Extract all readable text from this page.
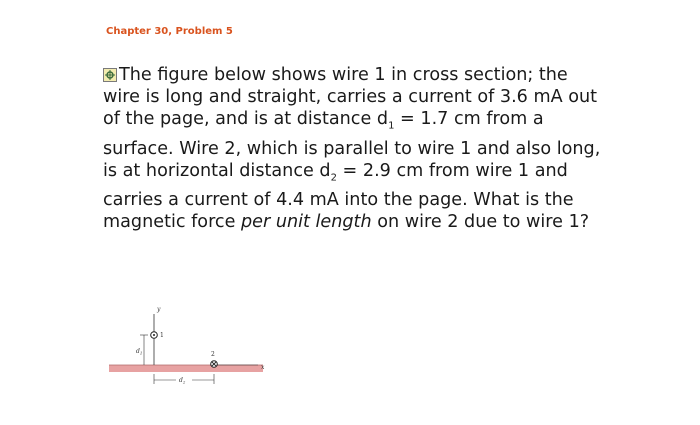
Chapter 30, Problem 5
The figure below shows wire 1 in cross section; the wire is long and straight, carries a current of 3.6 mA out of the page, and is at distance $d_1 = 1.7$ cm from a surface. Wire 2, which is parallel to wire 1 and also long, is at horizontal distance $d_2 = 2.9$ cm from wire 1 and carries a current of 4.4 mA into the page. What is the magnetic force per unit length on wire 2 due to wire 1?
y
x
1
$d_1$	2
$d_2$
